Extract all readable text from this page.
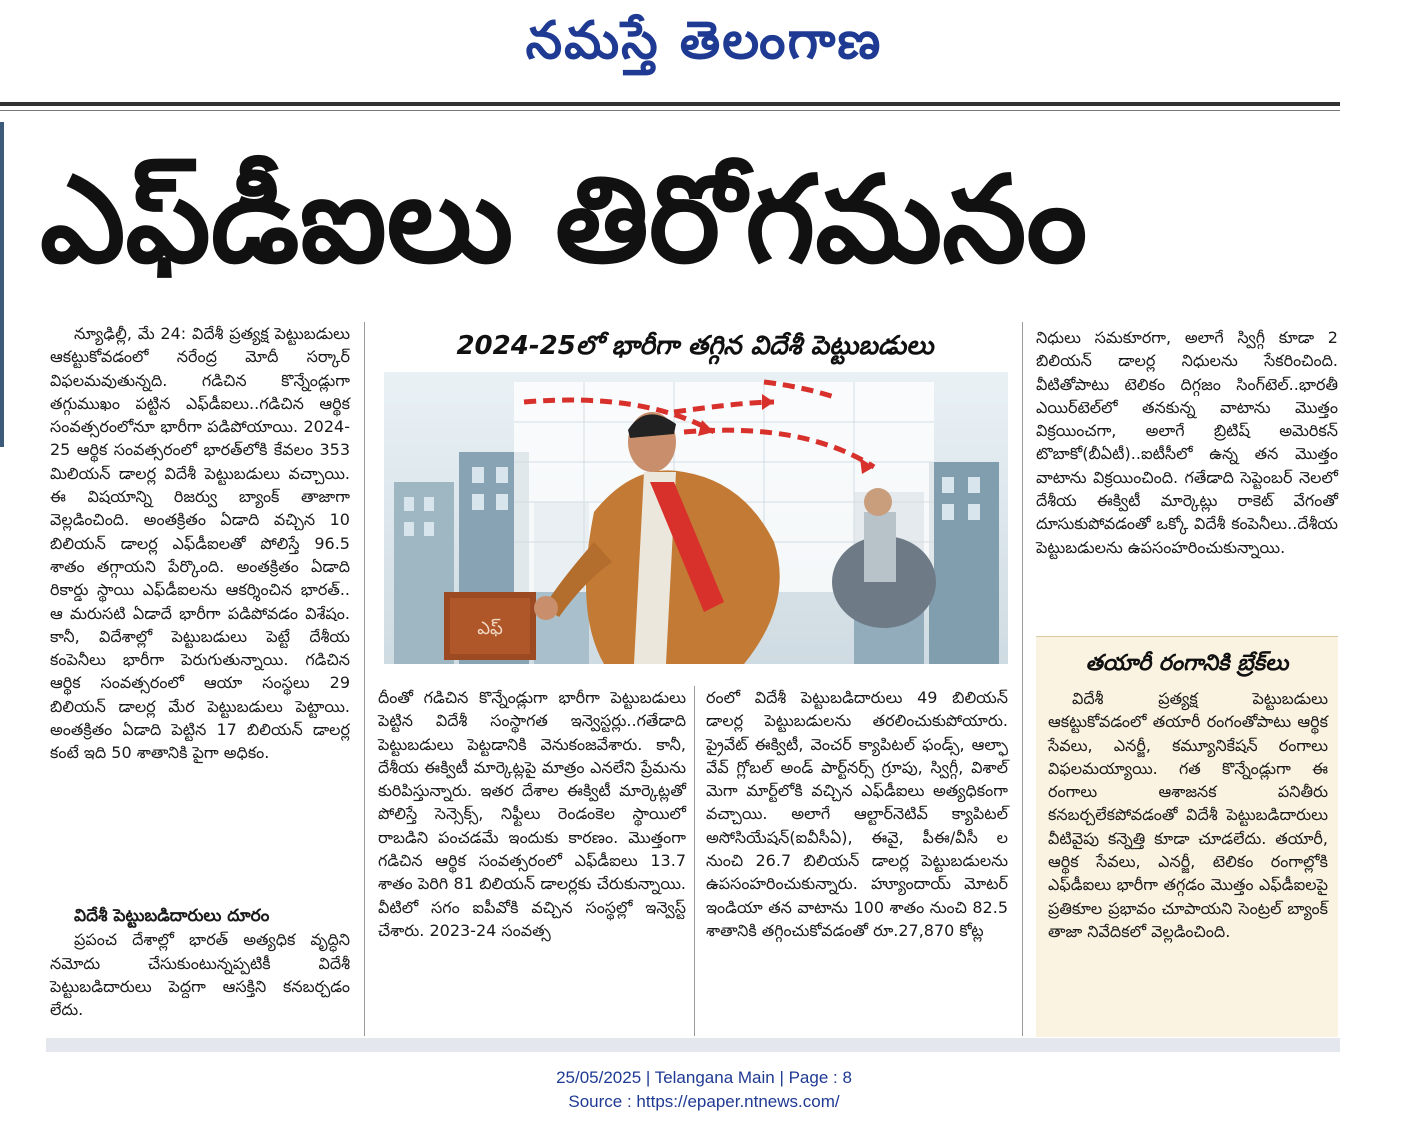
నమస్తే తెలంగాణ
ఎఫ్‌డీఐలు తిరోగమనం

న్యూఢిల్లీ, మే 24: విదేశీ ప్రత్యక్ష పెట్టుబడులు ఆకట్టుకోవడంలో నరేంద్ర మోదీ సర్కార్ విఫలమవుతున్నది. గడిచిన కొన్నేండ్లుగా తగ్గుముఖం పట్టిన ఎఫ్‌డీఐలు..గడిచిన ఆర్థిక సంవత్సరంలోనూ భారీగా పడిపోయాయి. 2024-25 ఆర్థిక సంవత్సరంలో భారత్‌లోకి కేవలం 353 మిలియన్ డాలర్ల విదేశీ పెట్టుబడులు వచ్చాయి. ఈ విషయాన్ని రిజర్వు బ్యాంక్ తాజాగా వెల్లడించింది. అంతక్రితం ఏడాది వచ్చిన 10 బిలియన్ డాలర్ల ఎఫ్‌డీఐలతో పోలిస్తే 96.5 శాతం తగ్గాయని పేర్కొంది. అంతక్రితం ఏడాది రికార్డు స్థాయి ఎఫ్‌డీఐలను ఆకర్శించిన భారత్.. ఆ మరుసటి ఏడాదే భారీగా పడిపోవడం విశేషం. కానీ, విదేశాల్లో పెట్టుబడులు పెట్టే దేశీయ కంపెనీలు భారీగా పెరుగుతున్నాయి. గడిచిన ఆర్థిక సంవత్సరంలో ఆయా సంస్థలు 29 బిలియన్ డాలర్ల మేర పెట్టుబడులు పెట్టాయి. అంతక్రితం ఏడాది పెట్టిన 17 బిలియన్ డాలర్ల కంటే ఇది 50 శాతానికి పైగా అధికం.

విదేశీ పెట్టుబడిదారులు దూరం

ప్రపంచ దేశాల్లో భారత్ అత్యధిక వృద్ధిని నమోదు చేసుకుంటున్నప్పటికీ విదేశీ పెట్టుబడిదారులు పెద్దగా ఆసక్తిని కనబర్చడం లేదు.

2024-25లో భారీగా తగ్గిన విదేశీ పెట్టుబడులు
ఎఫ్‌

దీంతో గడిచిన కొన్నేండ్లుగా భారీగా పెట్టుబడులు పెట్టిన విదేశీ సంస్థాగత ఇన్వెస్టర్లు..గతేడాది పెట్టుబడులు పెట్టడానికి వెనుకంజవేశారు. కానీ, దేశీయ ఈక్విటీ మార్కెట్లపై మాత్రం ఎనలేని ప్రేమను కురిపిస్తున్నారు. ఇతర దేశాల ఈక్విటీ మార్కెట్లతో పోలిస్తే సెన్సెక్స్, నిఫ్టీలు రెండంకెల స్థాయిలో రాబడిని పంచడమే ఇందుకు కారణం. మొత్తంగా గడిచిన ఆర్థిక సంవత్సరంలో ఎఫ్‌డీఐలు 13.7 శాతం పెరిగి 81 బిలియన్ డాలర్లకు చేరుకున్నాయి. వీటిలో సగం ఐపీవోకి వచ్చిన సంస్థల్లో ఇన్వెస్ట్ చేశారు. 2023-24 సంవత్స

రంలో విదేశీ పెట్టుబడిదారులు 49 బిలియన్ డాలర్ల పెట్టుబడులను తరలించుకుపోయారు. ప్రైవేట్ ఈక్విటీ, వెంచర్ క్యాపిటల్ ఫండ్స్, ఆల్ఫా వేవ్ గ్లోబల్ అండ్ పార్ట్‌నర్స్ గ్రూపు, స్విగ్గీ, విశాల్ మెగా మార్ట్‌లోకి వచ్చిన ఎఫ్‌డీఐలు అత్యధికంగా వచ్చాయి. అలాగే ఆల్టార్‌నెటివ్ క్యాపిటల్ అసోసియేషన్(ఐవీసీఏ), ఈవై, పీఈ/వీసీ ల నుంచి 26.7 బిలియన్ డాలర్ల పెట్టుబడులను ఉపసంహరించుకున్నారు. హ్యూందాయ్ మోటర్ ఇండియా తన వాటాను 100 శాతం నుంచి 82.5 శాతానికి తగ్గించుకోవడంతో రూ.27,870 కోట్ల

నిధులు సమకూరగా, అలాగే స్విగ్గీ కూడా 2 బిలియన్ డాలర్ల నిధులను సేకరించింది. వీటితోపాటు టెలికం దిగ్గజం సింగ్‌టెల్..భారతీ ఎయిర్‌టెల్‌లో తనకున్న వాటాను మొత్తం విక్రయించగా, అలాగే బ్రిటిష్ అమెరికన్ టొబాకో(బీఏటీ)..ఐటీసీలో ఉన్న తన మొత్తం వాటాను విక్రయించింది. గతేడాది సెప్టెంబర్ నెలలో దేశీయ ఈక్విటీ మార్కెట్లు రాకెట్ వేగంతో దూసుకుపోవడంతో ఒక్కో విదేశీ కంపెనీలు..దేశీయ పెట్టుబడులను ఉపసంహరించుకున్నాయి.

తయారీ రంగానికి బ్రేక్‌లు

విదేశీ ప్రత్యక్ష పెట్టుబడులు ఆకట్టుకోవడంలో తయారీ రంగంతోపాటు ఆర్థిక సేవలు, ఎనర్జీ, కమ్యూనికేషన్ రంగాలు విఫలమయ్యాయి. గత కొన్నేండ్లుగా ఈ రంగాలు ఆశాజనక పనితీరు కనబర్చలేకపోవడంతో విదేశీ పెట్టుబడిదారులు వీటివైపు కన్నెత్తి కూడా చూడలేదు. తయారీ, ఆర్థిక సేవలు, ఎనర్జీ, టెలికం రంగాల్లోకి ఎఫ్‌డీఐలు భారీగా తగ్గడం మొత్తం ఎఫ్‌డీఐలపై ప్రతికూల ప్రభావం చూపాయని సెంట్రల్ బ్యాంక్ తాజా నివేదికలో వెల్లడించింది.

25/05/2025 | Telangana Main | Page : 8
Source : https://epaper.ntnews.com/
